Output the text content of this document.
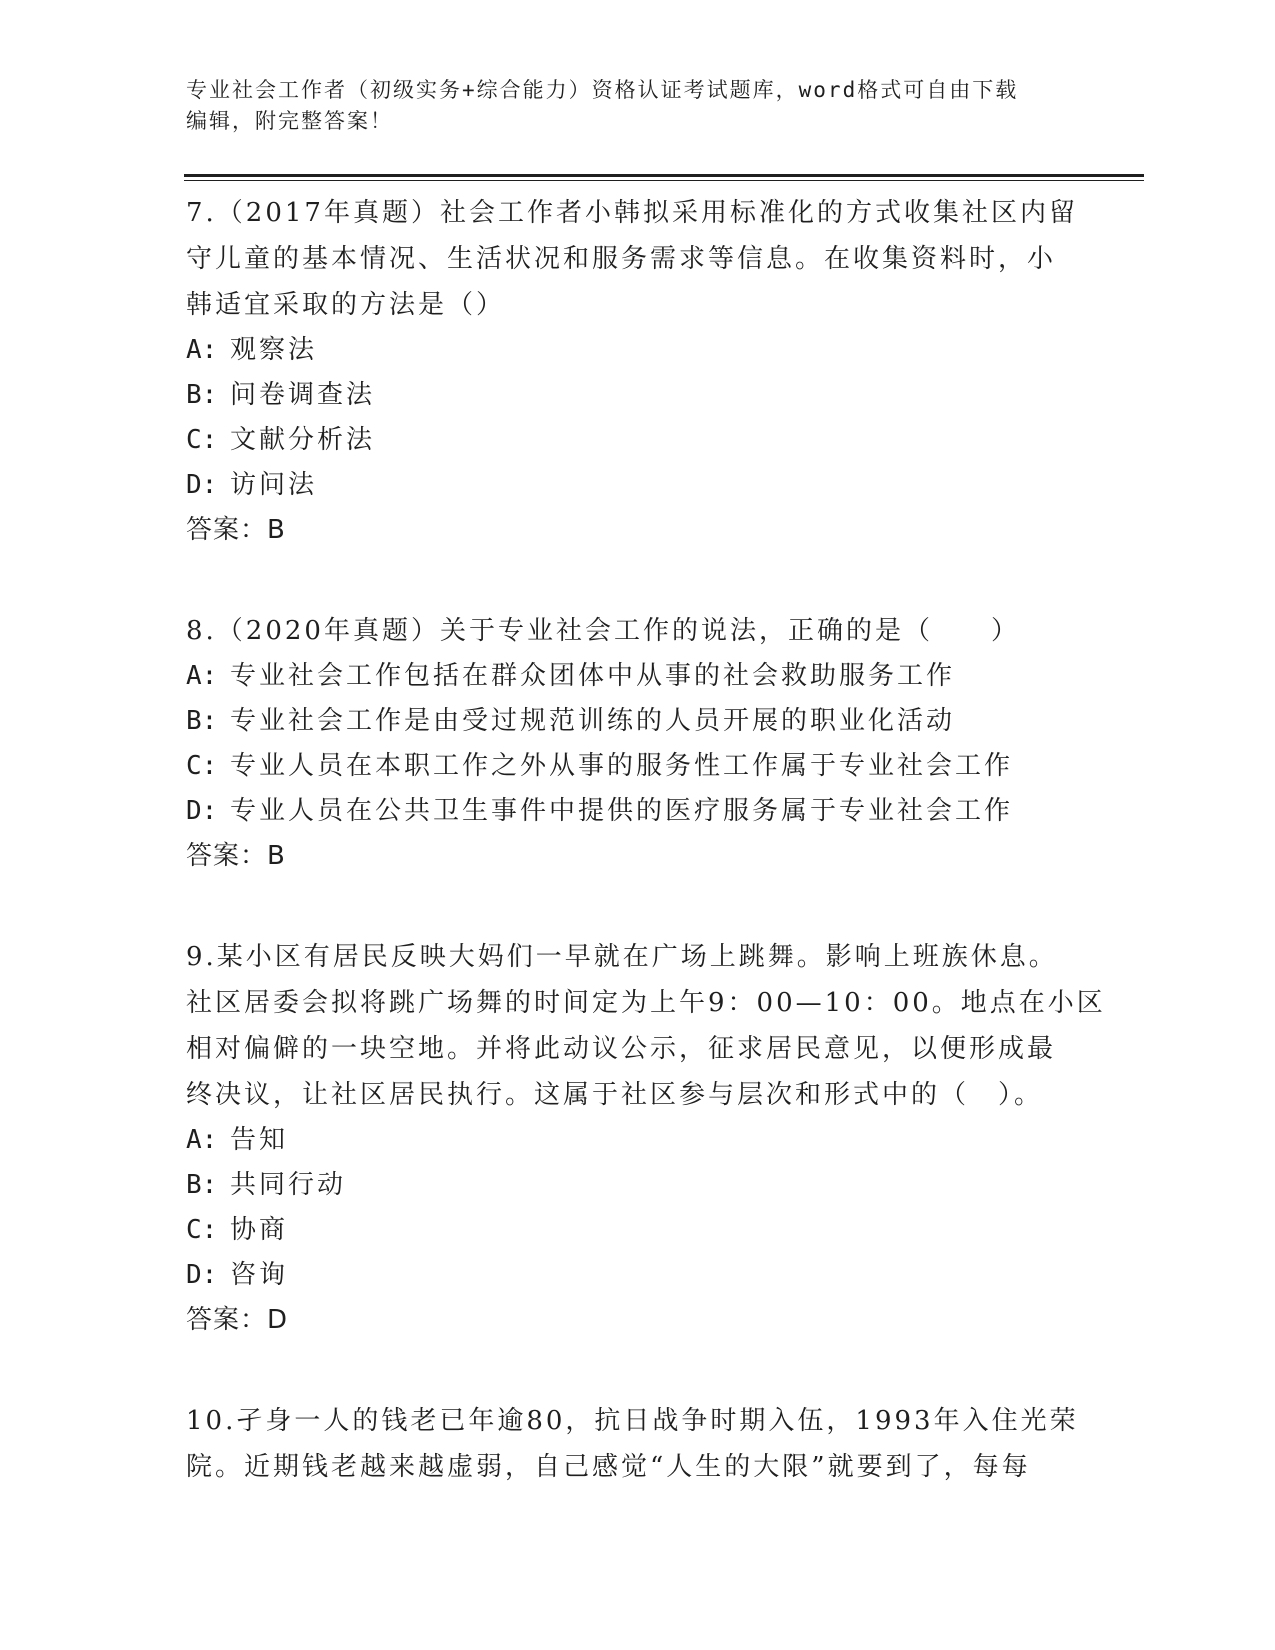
专业社会工作者（初级实务+综合能力）资格认证考试题库，word格式可自由下载
编辑，附完整答案！
7.（2017年真题）社会工作者小韩拟采用标准化的方式收集社区内留
守儿童的基本情况、生活状况和服务需求等信息。在收集资料时，小
韩适宜采取的方法是（）
A: 观察法
B: 问卷调查法
C: 文献分析法
D: 访问法
答案：B
8.（2020年真题）关于专业社会工作的说法，正确的是（　　）
A: 专业社会工作包括在群众团体中从事的社会救助服务工作
B: 专业社会工作是由受过规范训练的人员开展的职业化活动
C: 专业人员在本职工作之外从事的服务性工作属于专业社会工作
D: 专业人员在公共卫生事件中提供的医疗服务属于专业社会工作
答案：B
9.某小区有居民反映大妈们一早就在广场上跳舞。影响上班族休息。
社区居委会拟将跳广场舞的时间定为上午9：00—10：00。地点在小区
相对偏僻的一块空地。并将此动议公示，征求居民意见，以便形成最
终决议，让社区居民执行。这属于社区参与层次和形式中的（　）。
A: 告知
B: 共同行动
C: 协商
D: 咨询
答案：D
10.孑身一人的钱老已年逾80，抗日战争时期入伍，1993年入住光荣
院。近期钱老越来越虚弱，自己感觉“人生的大限”就要到了，每每
